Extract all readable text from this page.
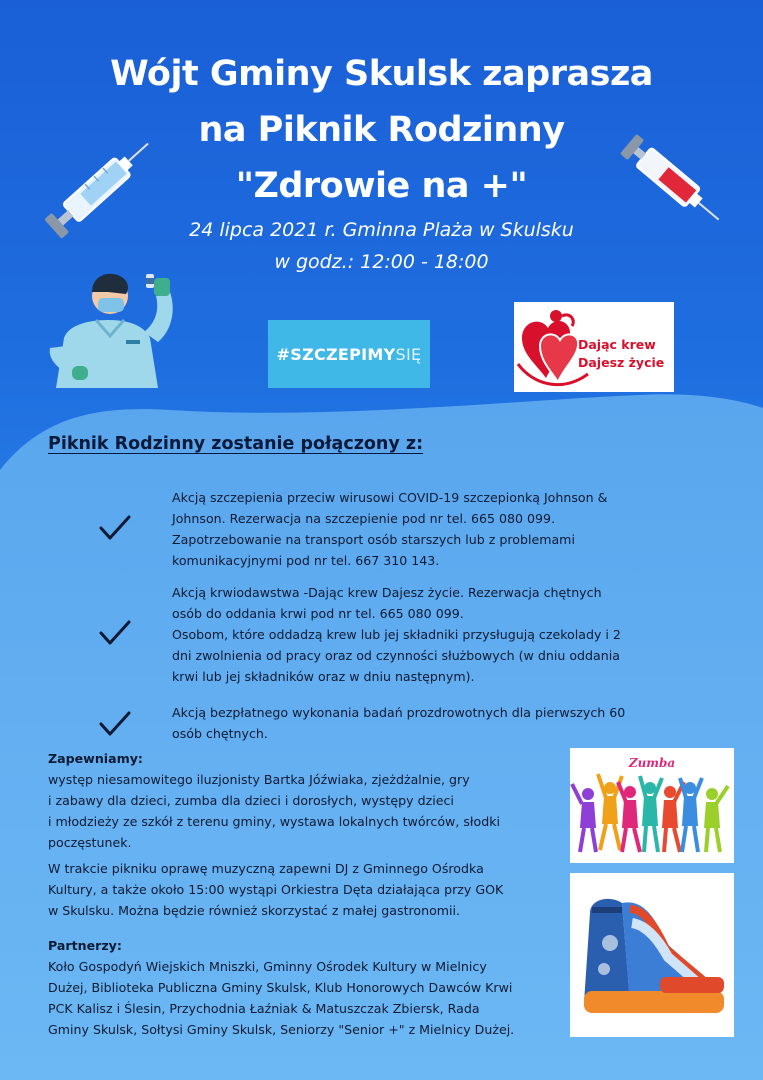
Wójt Gminy Skulsk zaprasza
na Piknik Rodzinny
"Zdrowie na +"
24 lipca 2021 r. Gminna Plaża w Skulsku
w godz.: 12:00 - 18:00
#SZCZEPIMY SIĘ	Dając krew
Dajesz życie
Piknik Rodzinny zostanie połączony z:
Akcją szczepienia przeciw wirusowi COVID-19 szczepionką Johnson &
Johnson. Rezerwacja na szczepienie pod nr tel. 665 080 099.
Zapotrzebowanie na transport osób starszych lub z problemami
komunikacyjnymi pod nr tel. 667 310 143.
Akcją krwiodawstwa -Dając krew Dajesz życie. Rezerwacja chętnych
osób do oddania krwi pod nr tel. 665 080 099.
Osobom, które oddadzą krew lub jej składniki przysługują czekolady i 2
dni zwolnienia od pracy oraz od czynności służbowych (w dniu oddania
krwi lub jej składników oraz w dniu następnym).
Akcją bezpłatnego wykonania badań prozdrowotnych dla pierwszych 60
osób chętnych.
Zapewniamy:
występ niesamowitego iluzjonisty Bartka Jóźwiaka, zjeżdżalnie, gry
i zabawy dla dzieci, zumba dla dzieci i dorosłych, występy dzieci
i młodzieży ze szkół z terenu gminy, wystawa lokalnych twórców, słodki
poczęstunek.
W trakcie pikniku oprawę muzyczną zapewni DJ z Gminnego Ośrodka
Kultury, a także około 15:00 wystąpi Orkiestra Dęta działająca przy GOK
w Skulsku. Można będzie również skorzystać z małej gastronomii.
Partnerzy:
Koło Gospodyń Wiejskich Mniszki, Gminny Ośrodek Kultury w Mielnicy
Dużej, Biblioteka Publiczna Gminy Skulsk, Klub Honorowych Dawców Krwi
PCK Kalisz i Ślesin, Przychodnia Łaźniak & Matuszczak Zbiersk, Rada
Gminy Skulsk, Sołtysi Gminy Skulsk, Seniorzy "Senior +" z Mielnicy Dużej.
Zumba
